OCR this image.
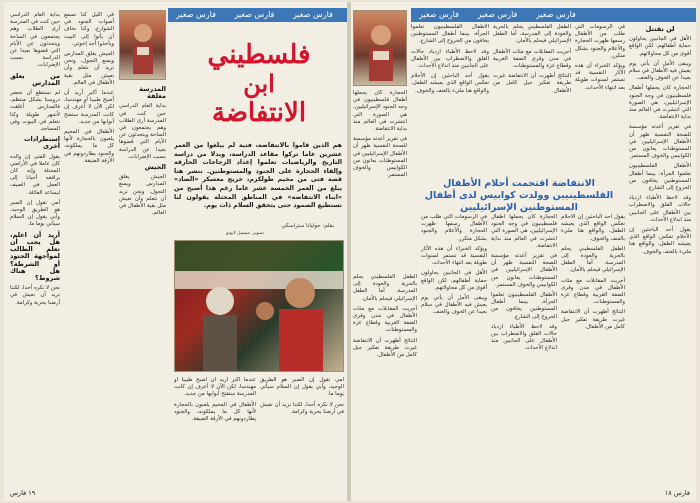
فارس صغير فارس صغير فارس صغير

بداية العام الدراسي حين كنت في المدرسة أرى الطلاب وهم يجتمعون في الساحة ويتحدثون عن الأيام التي قضوها بعيدا عن الدراسة بسبب الإضرابات.

من يعلق المدارس

لم نستطع أن نحضر دروسنا بشكل منتظم، فالمدارس أغلقت لأشهر طويلة وكنا نتعلم في البيوت وفي المساجد.

استطرادات أخرى

يقول الفتى إن والده كان عاملا في الأراضي المحتلة وإنه كان يرافقه أحيانا إلى العمل في الصيف ليساعد العائلة.

أمي تقول إن الصبر هو الطريق الوحيد، وأبي يقول إن السلام سيأتي يوما ما.

أريد أن اعلم، هل يجب أن تعلم الطالب لمواجهة الجنود أو الشرطة؟ هل هناك شروط؟

نحن لا نكره أحدا، لكننا نريد أن نعيش في أرضنا بحرية وكرامة.

في الليل كنا نسمع أصوات الجنود في الشوارع، وكنا نخاف أن يأتوا إلى البيت ويأخذوا أحد إخوتي.

الجيش يغلق المدارس ويمنع التجول، ونحن نريد أن نتعلم وأن نعيش مثل بقية الأطفال في العالم.

عندما أكبر أريد أن أصبح طبيبا أو مهندسا، لكن الآن لا أعرف إن كانت المدرسة ستفتح أبوابها من جديد.

الأطفال في المخيم يلعبون بالحجارة لأنها كل ما يملكونه، والجنود يطاردونهم في الأزقة الضيقة.

المدرسة مغلقة

بداية العام الدراسي حين كنت في المدرسة أرى الطلاب وهم يجتمعون في الساحة ويتحدثون عن الأيام التي قضوها بعيدا عن الدراسة بسبب الإضرابات.

الجيش

الجيش يغلق المدارس ويمنع التجول، ونحن نريد أن نتعلم وأن نعيش مثل بقية الأطفال في العالم.

فلسطيني
ابن
الانتفاضة
هم الذين قاموا بالانتفاضة، فتية لم يبلغوا من العمر عشرين عاما تركوا مقاعد الدراسة، وبدلا من دراسة التاريخ والرياضيات تعلموا إعداد الزجاجات الحارقة وإلقاء الحجارة على الجنود والمستوطنين. ننشر هنا قصة فتى من مخيم طولكرم، خريج معسكر «الضاد» يبلغ من العمر الخمسة عشر عاما رغم هذا أصبح من «ابناء الانتفاضة» في المناطق المحتلة يقولون لنا نستطيع الصمود حتى يتحقق السلام ذات يوم.
بقلم: جوليانا ستراسكي
تصوير: ميشيل لابونو

عندما أكبر أريد أن أصبح طبيبا أو مهندسا، لكن الآن لا أعرف إن كانت المدرسة ستفتح أبوابها من جديد.

الأطفال في المخيم يلعبون بالحجارة لأنها كل ما يملكونه، والجنود يطاردونهم في الأزقة الضيقة.

أمي تقول إن الصبر هو الطريق الوحيد، وأبي يقول إن السلام سيأتي يوما ما.

نحن لا نكره أحدا، لكننا نريد أن نعيش في أرضنا بحرية وكرامة.

١٩ فارس
فارس صغير فارس صغير فارس صغير

الحجارة كان يحملها أطفال فلسطينيون في وجه الجنود الإسرائيليين، هي الصورة التي انتشرت في العالم منذ بداية الانتفاضة.

في تقرير أعدته مؤسسة للصحة النفسية ظهر أن الأطفال الإسرائيليين في المستوطنات يعانون من الكوابيس والخوف المستمر.

الأطفال الفلسطينيون تعلموا الجرأة، بينما أطفال المستوطنين يخافون من الخروج إلى الشارع.

وقد لاحظ الأطباء ازدياد حالات القلق والاضطراب بين الأطفال على الجانبين منذ اندلاع الأحداث.

يقول أحد الباحثين إن الأحلام تعكس الواقع الذي يعيشه الطفل، والواقع هنا مليء بالعنف والخوف.

الطفل الفلسطيني يحلم بالحرية والعودة إلى المدرسة، أما الطفل الإسرائيلي فيحلم بالأمان.

أجريت المقابلات مع مئات الأطفال في مدن وقرى الضفة الغربية وقطاع غزة والمستوطنات.

النتائج أظهرت أن الانتفاضة غيرت طريقة تفكير جيل كامل من الأطفال.

في الرسومات التي طلب من الأطفال رسمها ظهرت الحجارة والأعلام والجنود بشكل متكرر.

ويؤكد الخبراء أن هذه الآثار النفسية قد تستمر لسنوات طويلة بعد انتهاء الأحداث.

لن نقتتل

الأهل في الجانبين يحاولون حماية أطفالهم، لكن الواقع أقوى من كل محاولاتهم.

ويبقى الأمل أن يأتي يوم يعيش فيه الأطفال في سلام بعيدا عن الخوف والعنف.

الحجارة كان يحملها أطفال فلسطينيون في وجه الجنود الإسرائيليين، هي الصورة التي انتشرت في العالم منذ بداية الانتفاضة.

في تقرير أعدته مؤسسة للصحة النفسية ظهر أن الأطفال الإسرائيليين في المستوطنات يعانون من الكوابيس والخوف المستمر.

الأطفال الفلسطينيون تعلموا الجرأة، بينما أطفال المستوطنين يخافون من الخروج إلى الشارع.

وقد لاحظ الأطباء ازدياد حالات القلق والاضطراب بين الأطفال على الجانبين منذ اندلاع الأحداث.

يقول أحد الباحثين إن الأحلام تعكس الواقع الذي يعيشه الطفل، والواقع هنا مليء بالعنف والخوف.

الانتفاضة اقتحمت أحلام الأطفال الفلسطينيين وولدت كوابيس لدى أطفال المستوطنين الإسرائيليين

الطفل الفلسطيني يحلم بالحرية والعودة إلى المدرسة، أما الطفل الإسرائيلي فيحلم بالأمان.

أجريت المقابلات مع مئات الأطفال في مدن وقرى الضفة الغربية وقطاع غزة والمستوطنات.

النتائج أظهرت أن الانتفاضة غيرت طريقة تفكير جيل كامل من الأطفال.

في الرسومات التي طلب من الأطفال رسمها ظهرت الحجارة والأعلام والجنود بشكل متكرر.

ويؤكد الخبراء أن هذه الآثار النفسية قد تستمر لسنوات طويلة بعد انتهاء الأحداث.

الأهل في الجانبين يحاولون حماية أطفالهم، لكن الواقع أقوى من كل محاولاتهم.

ويبقى الأمل أن يأتي يوم يعيش فيه الأطفال في سلام بعيدا عن الخوف والعنف.

الحجارة كان يحملها أطفال فلسطينيون في وجه الجنود الإسرائيليين، هي الصورة التي انتشرت في العالم منذ بداية الانتفاضة.

في تقرير أعدته مؤسسة للصحة النفسية ظهر أن الأطفال الإسرائيليين في المستوطنات يعانون من الكوابيس والخوف المستمر.

الأطفال الفلسطينيون تعلموا الجرأة، بينما أطفال المستوطنين يخافون من الخروج إلى الشارع.

وقد لاحظ الأطباء ازدياد حالات القلق والاضطراب بين الأطفال على الجانبين منذ اندلاع الأحداث.

يقول أحد الباحثين إن الأحلام تعكس الواقع الذي يعيشه الطفل، والواقع هنا مليء بالعنف والخوف.

الطفل الفلسطيني يحلم بالحرية والعودة إلى المدرسة، أما الطفل الإسرائيلي فيحلم بالأمان.

أجريت المقابلات مع مئات الأطفال في مدن وقرى الضفة الغربية وقطاع غزة والمستوطنات.

النتائج أظهرت أن الانتفاضة غيرت طريقة تفكير جيل كامل من الأطفال.

فارس ١٨
